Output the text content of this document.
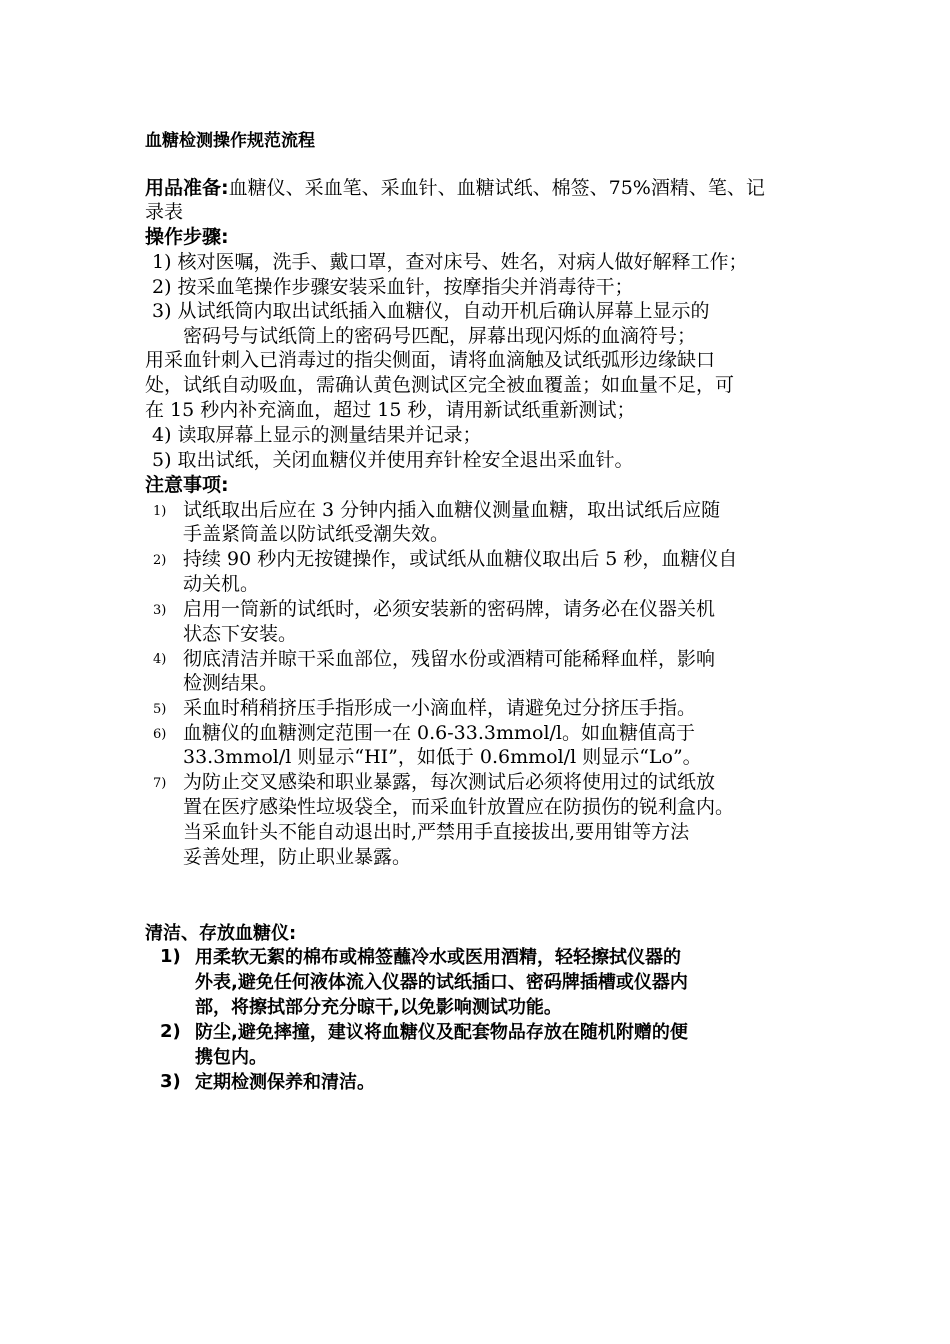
血糖检测操作规范流程
用品准备:血糖仪、采血笔、采血针、血糖试纸、棉签、75%酒精、笔、记
录表
操作步骤:
1) 核对医嘱，洗手、戴口罩，查对床号、姓名，对病人做好解释工作；
2) 按采血笔操作步骤安装采血针，按摩指尖并消毒待干；
3) 从试纸筒内取出试纸插入血糖仪，自动开机后确认屏幕上显示的
密码号与试纸筒上的密码号匹配，屏幕出现闪烁的血滴符号；
用采血针刺入已消毒过的指尖侧面，请将血滴触及试纸弧形边缘缺口
处，试纸自动吸血，需确认黄色测试区完全被血覆盖；如血量不足，可
在 15 秒内补充滴血，超过 15 秒，请用新试纸重新测试；
4) 读取屏幕上显示的测量结果并记录；
5) 取出试纸，关闭血糖仪并使用弃针栓安全退出采血针。
注意事项:
1) 试纸取出后应在 3 分钟内插入血糖仪测量血糖，取出试纸后应随
手盖紧筒盖以防试纸受潮失效。
2) 持续 90 秒内无按键操作，或试纸从血糖仪取出后 5 秒，血糖仪自
动关机。
3) 启用一筒新的试纸时，必须安装新的密码牌，请务必在仪器关机
状态下安装。
4) 彻底清洁并晾干采血部位，残留水份或酒精可能稀释血样，影响
检测结果。
5) 采血时稍稍挤压手指形成一小滴血样，请避免过分挤压手指。
6) 血糖仪的血糖测定范围一在 0.6-33.3mmol/l。如血糖值高于
33.3mmol/l 则显示“HI”，如低于 0.6mmol/l 则显示“Lo”。
7) 为防止交叉感染和职业暴露，每次测试后必须将使用过的试纸放
置在医疗感染性垃圾袋全，而采血针放置应在防损伤的锐利盒内。
当采血针头不能自动退出时,严禁用手直接拔出,要用钳等方法
妥善处理，防止职业暴露。
清洁、存放血糖仪:
1) 用柔软无絮的棉布或棉签蘸冷水或医用酒精，轻轻擦拭仪器的
外表,避免任何液体流入仪器的试纸插口、密码牌插槽或仪器内
部，将擦拭部分充分晾干,以免影响测试功能。
2) 防尘,避免摔撞，建议将血糖仪及配套物品存放在随机附赠的便
携包内。
3) 定期检测保养和清洁。
